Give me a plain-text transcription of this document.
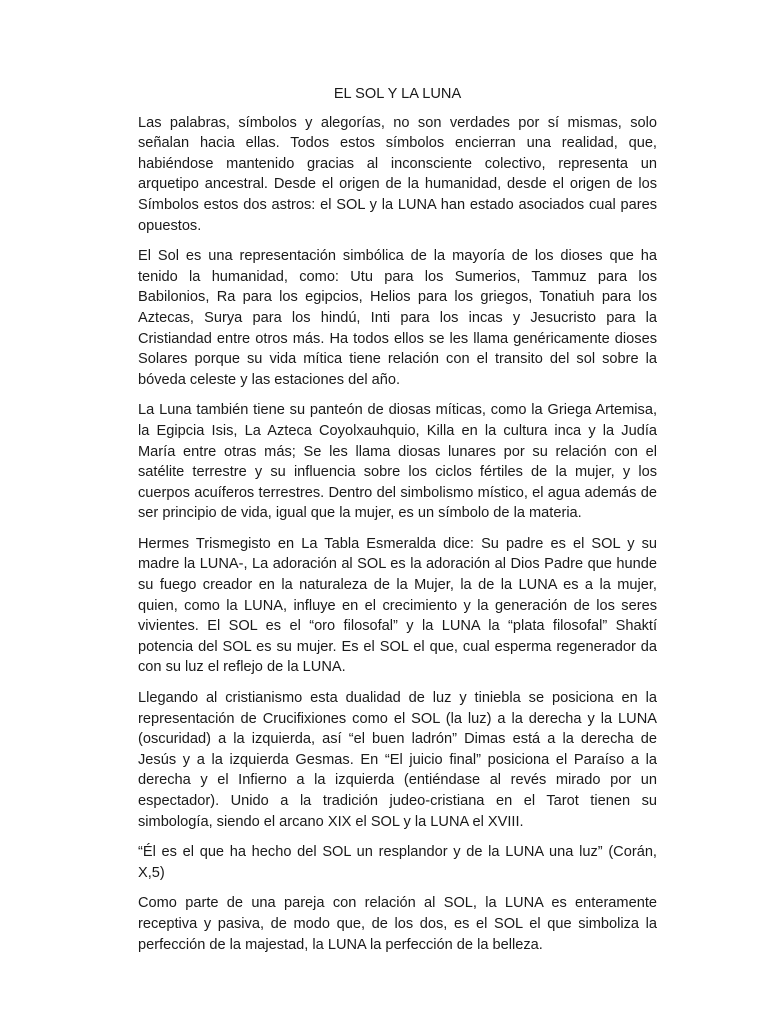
EL SOL Y LA LUNA

Las palabras, símbolos y alegorías, no son verdades por sí mismas, solo señalan hacia ellas. Todos estos símbolos encierran una realidad, que, habiéndose mantenido gracias al inconsciente colectivo, representa un arquetipo ancestral. Desde el origen de la humanidad, desde el origen de los Símbolos estos dos astros: el SOL y la LUNA han estado asociados cual pares opuestos.

El Sol es una representación simbólica de la mayoría de los dioses que ha tenido la humanidad, como: Utu para los Sumerios, Tammuz para los Babilonios, Ra para los egipcios, Helios para los griegos, Tonatiuh para los Aztecas, Surya para los hindú, Inti para los incas y Jesucristo para la Cristiandad entre otros más. Ha todos ellos se les llama genéricamente dioses Solares porque su vida mítica tiene relación con el transito del sol sobre la bóveda celeste y las estaciones del año.

La Luna también tiene su panteón de diosas míticas, como la Griega Artemisa, la Egipcia Isis, La Azteca Coyolxauhquio, Killa en la cultura inca y la Judía María entre otras más; Se les llama diosas lunares por su relación con el satélite terrestre y su influencia sobre los ciclos fértiles de la mujer, y los cuerpos acuíferos terrestres. Dentro del simbolismo místico, el agua además de ser principio de vida, igual que la mujer, es un símbolo de la materia.

Hermes Trismegisto en La Tabla Esmeralda dice: Su padre es el SOL y su madre la LUNA-, La adoración al SOL es la adoración al Dios Padre que hunde su fuego creador en la naturaleza de la Mujer, la de la LUNA es a la mujer, quien, como la LUNA, influye en el crecimiento y la generación de los seres vivientes. El SOL es el “oro filosofal” y la LUNA la “plata filosofal” Shaktí potencia del SOL es su mujer. Es el SOL el que, cual esperma regenerador da con su luz el reflejo de la LUNA.

Llegando al cristianismo esta dualidad de luz y tiniebla se posiciona en la representación de Crucifixiones como el SOL (la luz) a la derecha y la LUNA (oscuridad) a la izquierda, así “el buen ladrón” Dimas está a la derecha de Jesús y a la izquierda Gesmas. En “El juicio final” posiciona el Paraíso a la derecha y el Infierno a la izquierda (entiéndase al revés mirado por un espectador). Unido a la tradición judeo-cristiana en el Tarot tienen su simbología, siendo el arcano XIX el SOL y la LUNA el XVIII.

“Él es el que ha hecho del SOL un resplandor y de la LUNA una luz” (Corán, X,5)

Como parte de una pareja con relación al SOL, la LUNA es enteramente receptiva y pasiva, de modo que, de los dos, es el SOL el que simboliza la perfección de la majestad, la LUNA la perfección de la belleza.
